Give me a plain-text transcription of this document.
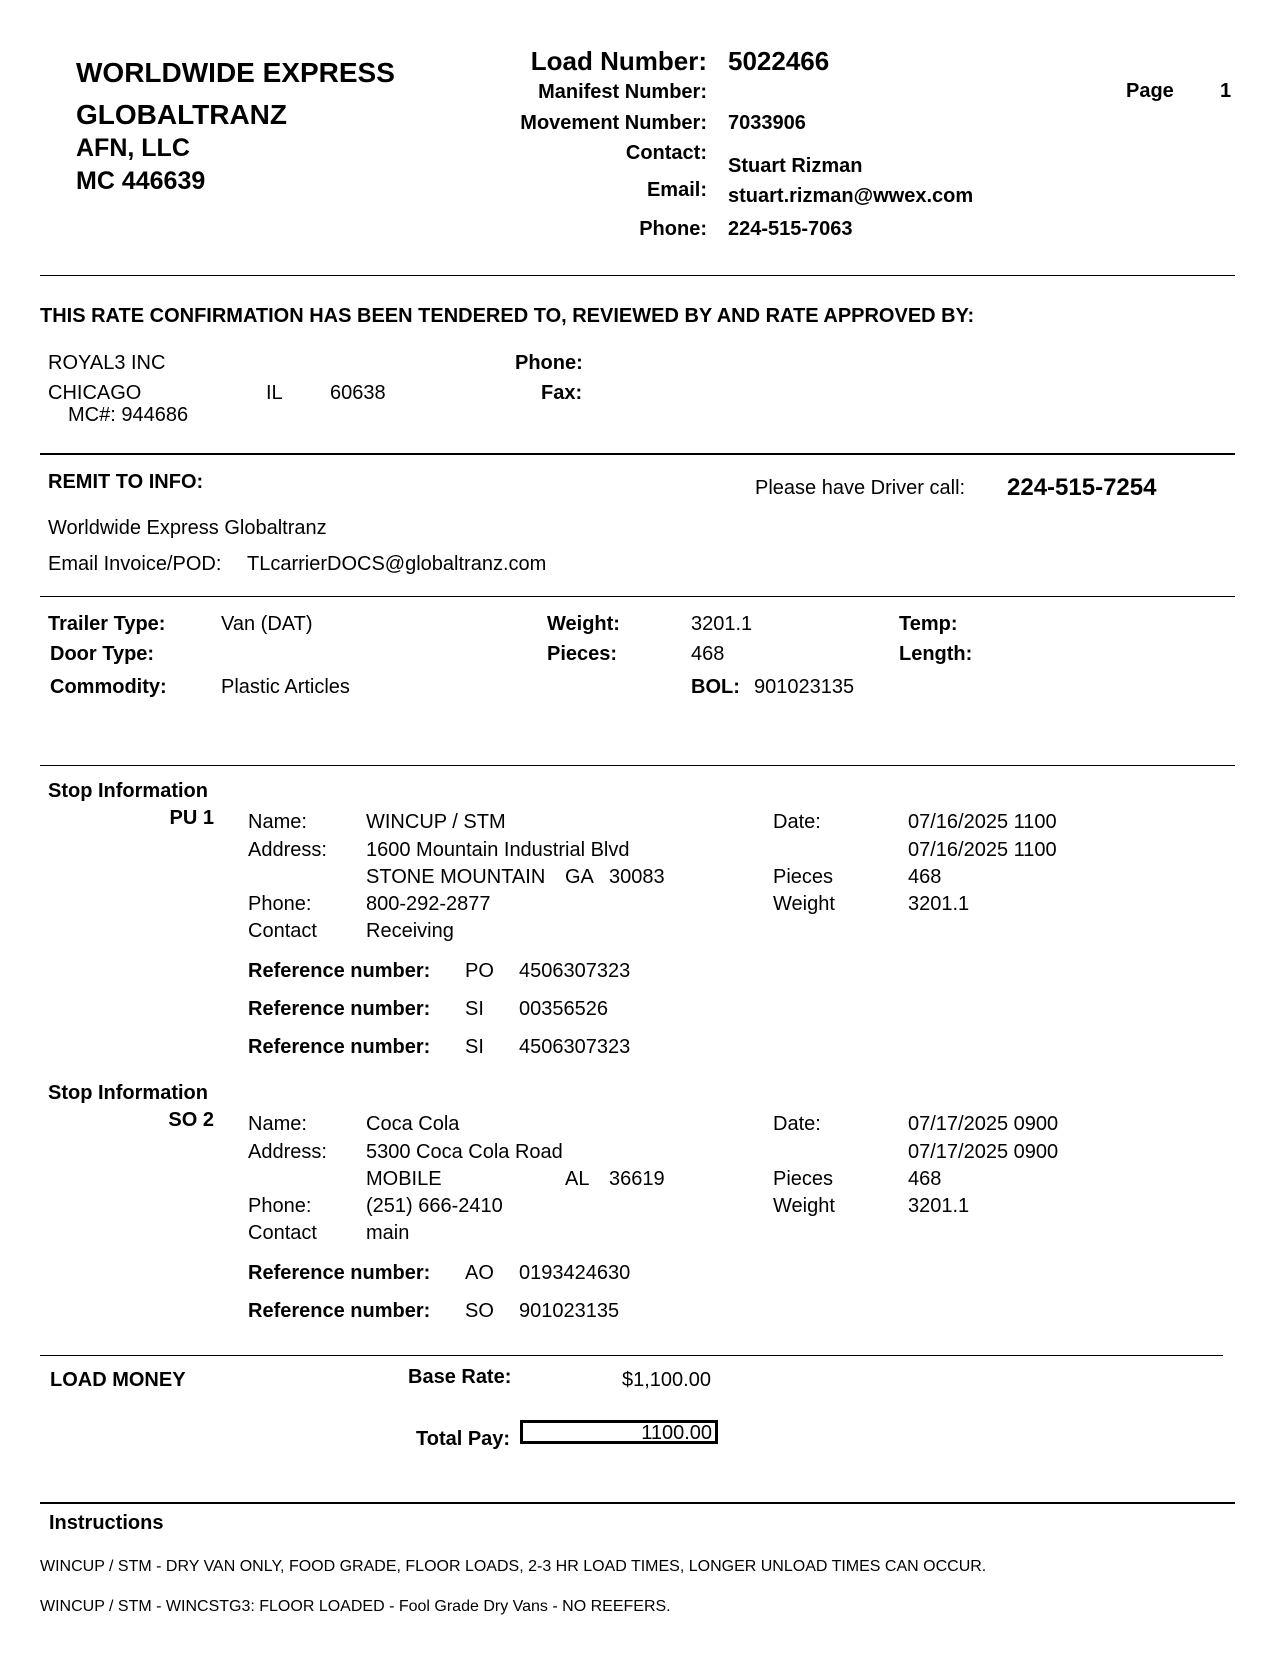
WORLDWIDE EXPRESS
GLOBALTRANZ
AFN, LLC
MC 446639
Load Number: 5022466
Manifest Number:
Movement Number: 7033906
Contact:
Stuart Rizman
Email: stuart.rizman@wwex.com
Phone: 224-515-7063
Page 1
THIS RATE CONFIRMATION HAS BEEN TENDERED TO, REVIEWED BY AND RATE APPROVED BY:
ROYAL3 INC
CHICAGO	IL 60638
MC#: 944686
Phone:
Fax:
REMIT TO INFO:	Please have Driver call: 224-515-7254
Worldwide Express Globaltranz
Email Invoice/POD: TLcarrierDOCS@globaltranz.com
Trailer Type:	Van (DAT)
Door Type:
Commodity:	Plastic Articles
Weight:	3201.1
Pieces:	468
BOL: 901023135
Temp:
Length:
Stop Information
PU 1 Name:	WINCUP / STM
Address: 1600 Mountain Industrial Blvd
STONE MOUNTAIN GA 30083
Phone:	800-292-2877
Contact Receiving
Date:	07/16/2025 1100
07/16/2025 1100
Pieces	468
Weight	3201.1
Reference number: PO 4506307323
Reference number: SI 00356526
Reference number: SI 4506307323
Stop Information
SO 2 Name:	Coca Cola
Address: 5300 Coca Cola Road
MOBILE	AL 36619
Phone:	(251) 666-2410
Contact main
Date:	07/17/2025 0900
07/17/2025 0900
Pieces	468
Weight	3201.1
Reference number: AO 0193424630
Reference number: SO 901023135
LOAD MONEY	Base Rate:	$1,100.00
Total Pay:	1100.00
Instructions
WINCUP / STM - DRY VAN ONLY, FOOD GRADE, FLOOR LOADS, 2-3 HR LOAD TIMES, LONGER UNLOAD TIMES CAN OCCUR.
WINCUP / STM - WINCSTG3: FLOOR LOADED - Fool Grade Dry Vans - NO REEFERS.
